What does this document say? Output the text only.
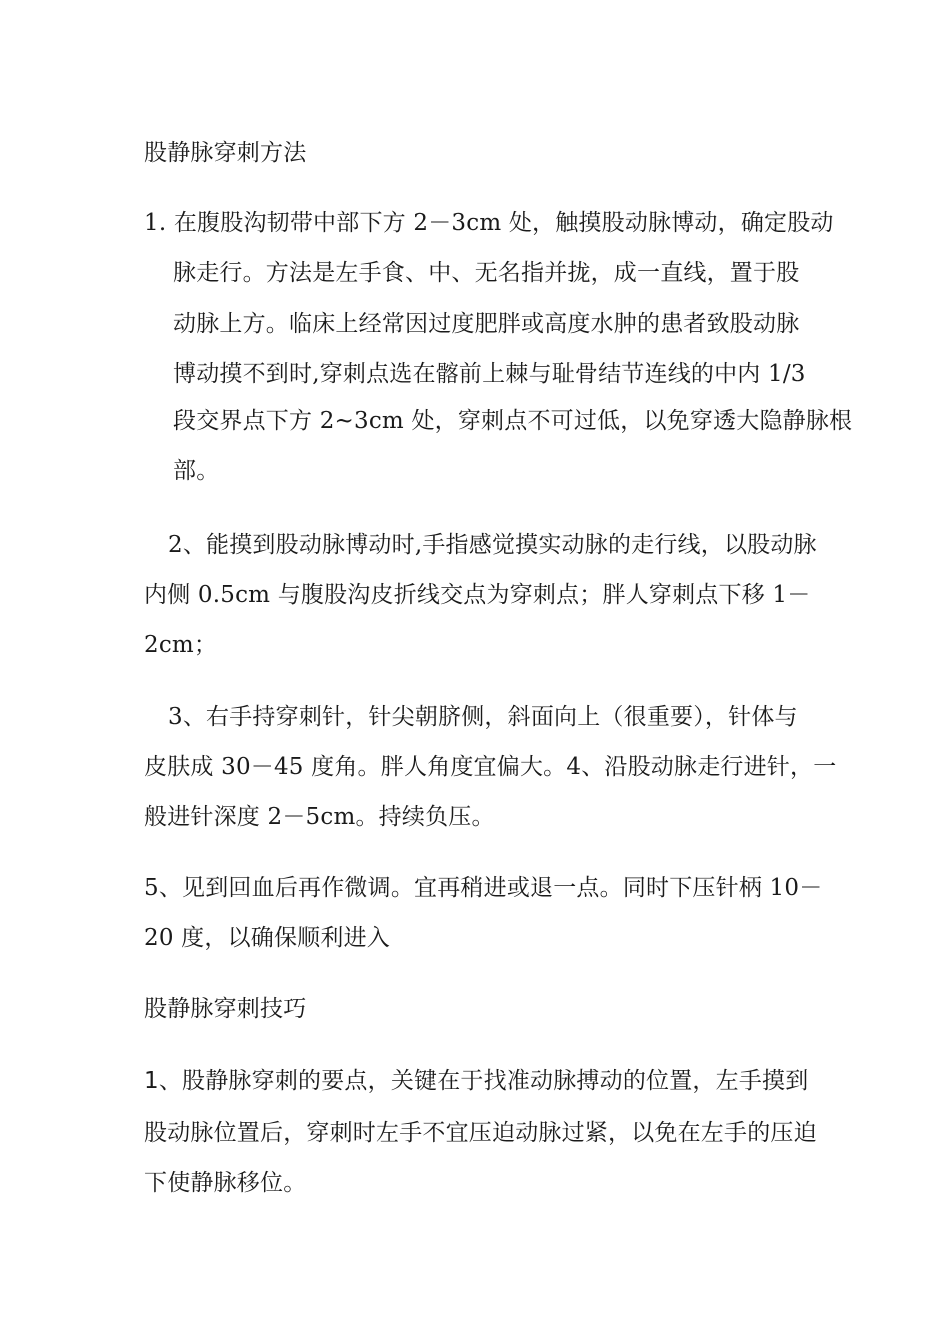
股静脉穿刺方法
1. 在腹股沟韧带中部下方 2－3cm 处，触摸股动脉博动，确定股动
脉走行。方法是左手食、中、无名指并拢，成一直线，置于股
动脉上方。临床上经常因过度肥胖或高度水肿的患者致股动脉
博动摸不到时,穿刺点选在髂前上棘与耻骨结节连线的中内 1/3
段交界点下方 2~3cm 处，穿刺点不可过低，以免穿透大隐静脉根
部。
2、能摸到股动脉博动时,手指感觉摸实动脉的走行线，以股动脉
内侧 0.5cm 与腹股沟皮折线交点为穿刺点；胖人穿刺点下移 1－
2cm；
3、右手持穿刺针，针尖朝脐侧，斜面向上（很重要），针体与
皮肤成 30－45 度角。胖人角度宜偏大。4、沿股动脉走行进针，一
般进针深度 2－5cm。持续负压。
5、见到回血后再作微调。宜再稍进或退一点。同时下压针柄 10－
20 度，以确保顺利进入
股静脉穿刺技巧
1、股静脉穿刺的要点，关键在于找准动脉搏动的位置，左手摸到
股动脉位置后，穿刺时左手不宜压迫动脉过紧，以免在左手的压迫
下使静脉移位。
